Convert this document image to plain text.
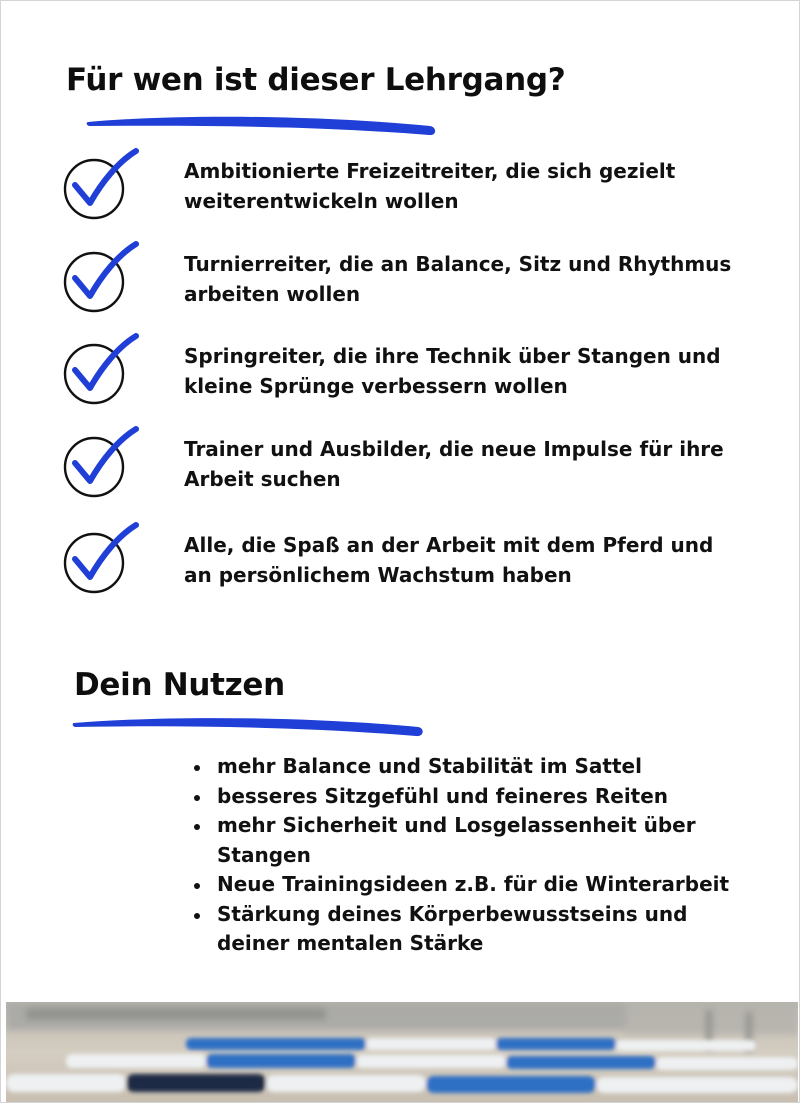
Für wen ist dieser Lehrgang?

Ambitionierte Freizeitreiter, die sich gezielt weiterentwickeln wollen

Turnierreiter, die an Balance, Sitz und Rhythmus arbeiten wollen

Springreiter, die ihre Technik über Stangen und kleine Sprünge verbessern wollen

Trainer und Ausbilder, die neue Impulse für ihre Arbeit suchen

Alle, die Spaß an der Arbeit mit dem Pferd und an persönlichem Wachstum haben

Dein Nutzen
mehr Balance und Stabilität im Sattel
besseres Sitzgefühl und feineres Reiten
mehr Sicherheit und Losgelassenheit über Stangen
Neue Trainingsideen z.B. für die Winterarbeit
Stärkung deines Körperbewusstseins und deiner mentalen Stärke
